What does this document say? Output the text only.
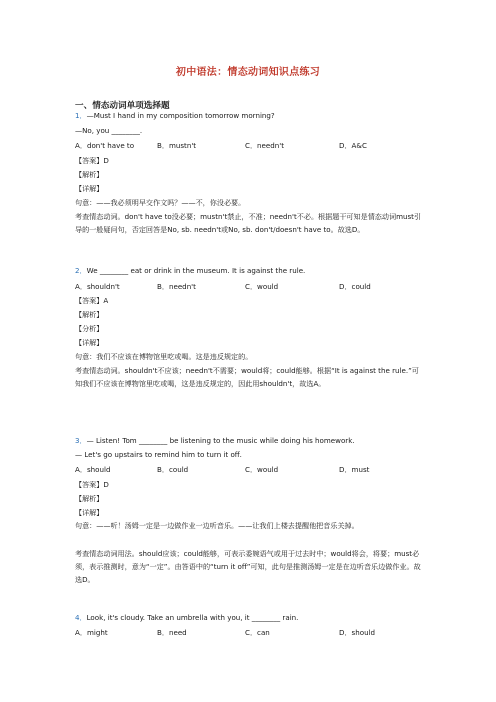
初中语法：情态动词知识点练习
一、情态动词单项选择题
1．—Must I hand in my composition tomorrow morning?
—No, you ________.
A．don't have to	B．mustn't	C．needn't	D．A&C
【答案】D
【解析】
【详解】
句意：——我必须明早交作文吗？——不，你没必要。
考查情态动词。don't have to没必要；mustn't禁止，不准；needn't不必。根据题干可知是情态动词must引导的一般疑问句，否定回答是No, sb. needn't或No, sb. don't/doesn't have to。故选D。
2．We ________ eat or drink in the museum. It is against the rule.
A．shouldn't	B．needn't	C．would	D．could
【答案】A
【解析】
【分析】
【详解】
句意：我们不应该在博物馆里吃或喝。这是违反规定的。
考查情态动词。shouldn't不应该；needn't不需要；would将；could能够。根据“It is against the rule.”可知我们不应该在博物馆里吃或喝，这是违反规定的，因此用shouldn't，故选A。
3．— Listen! Tom ________ be listening to the music while doing his homework.
— Let's go upstairs to remind him to turn it off.
A．should	B．could	C．would	D．must
【答案】D
【解析】
【详解】
句意：——听！汤姆一定是一边做作业一边听音乐。——让我们上楼去提醒他把音乐关掉。
考查情态动词用法。should应该；could能够，可表示委婉语气或用于过去时中；would将会，将要；must必须，表示推测时，意为“一定”。由答语中的“turn it off”可知，此句是推测汤姆一定是在边听音乐边做作业。故选D。
4．Look, it's cloudy. Take an umbrella with you, it ________ rain.
A．might	B．need	C．can	D．should
